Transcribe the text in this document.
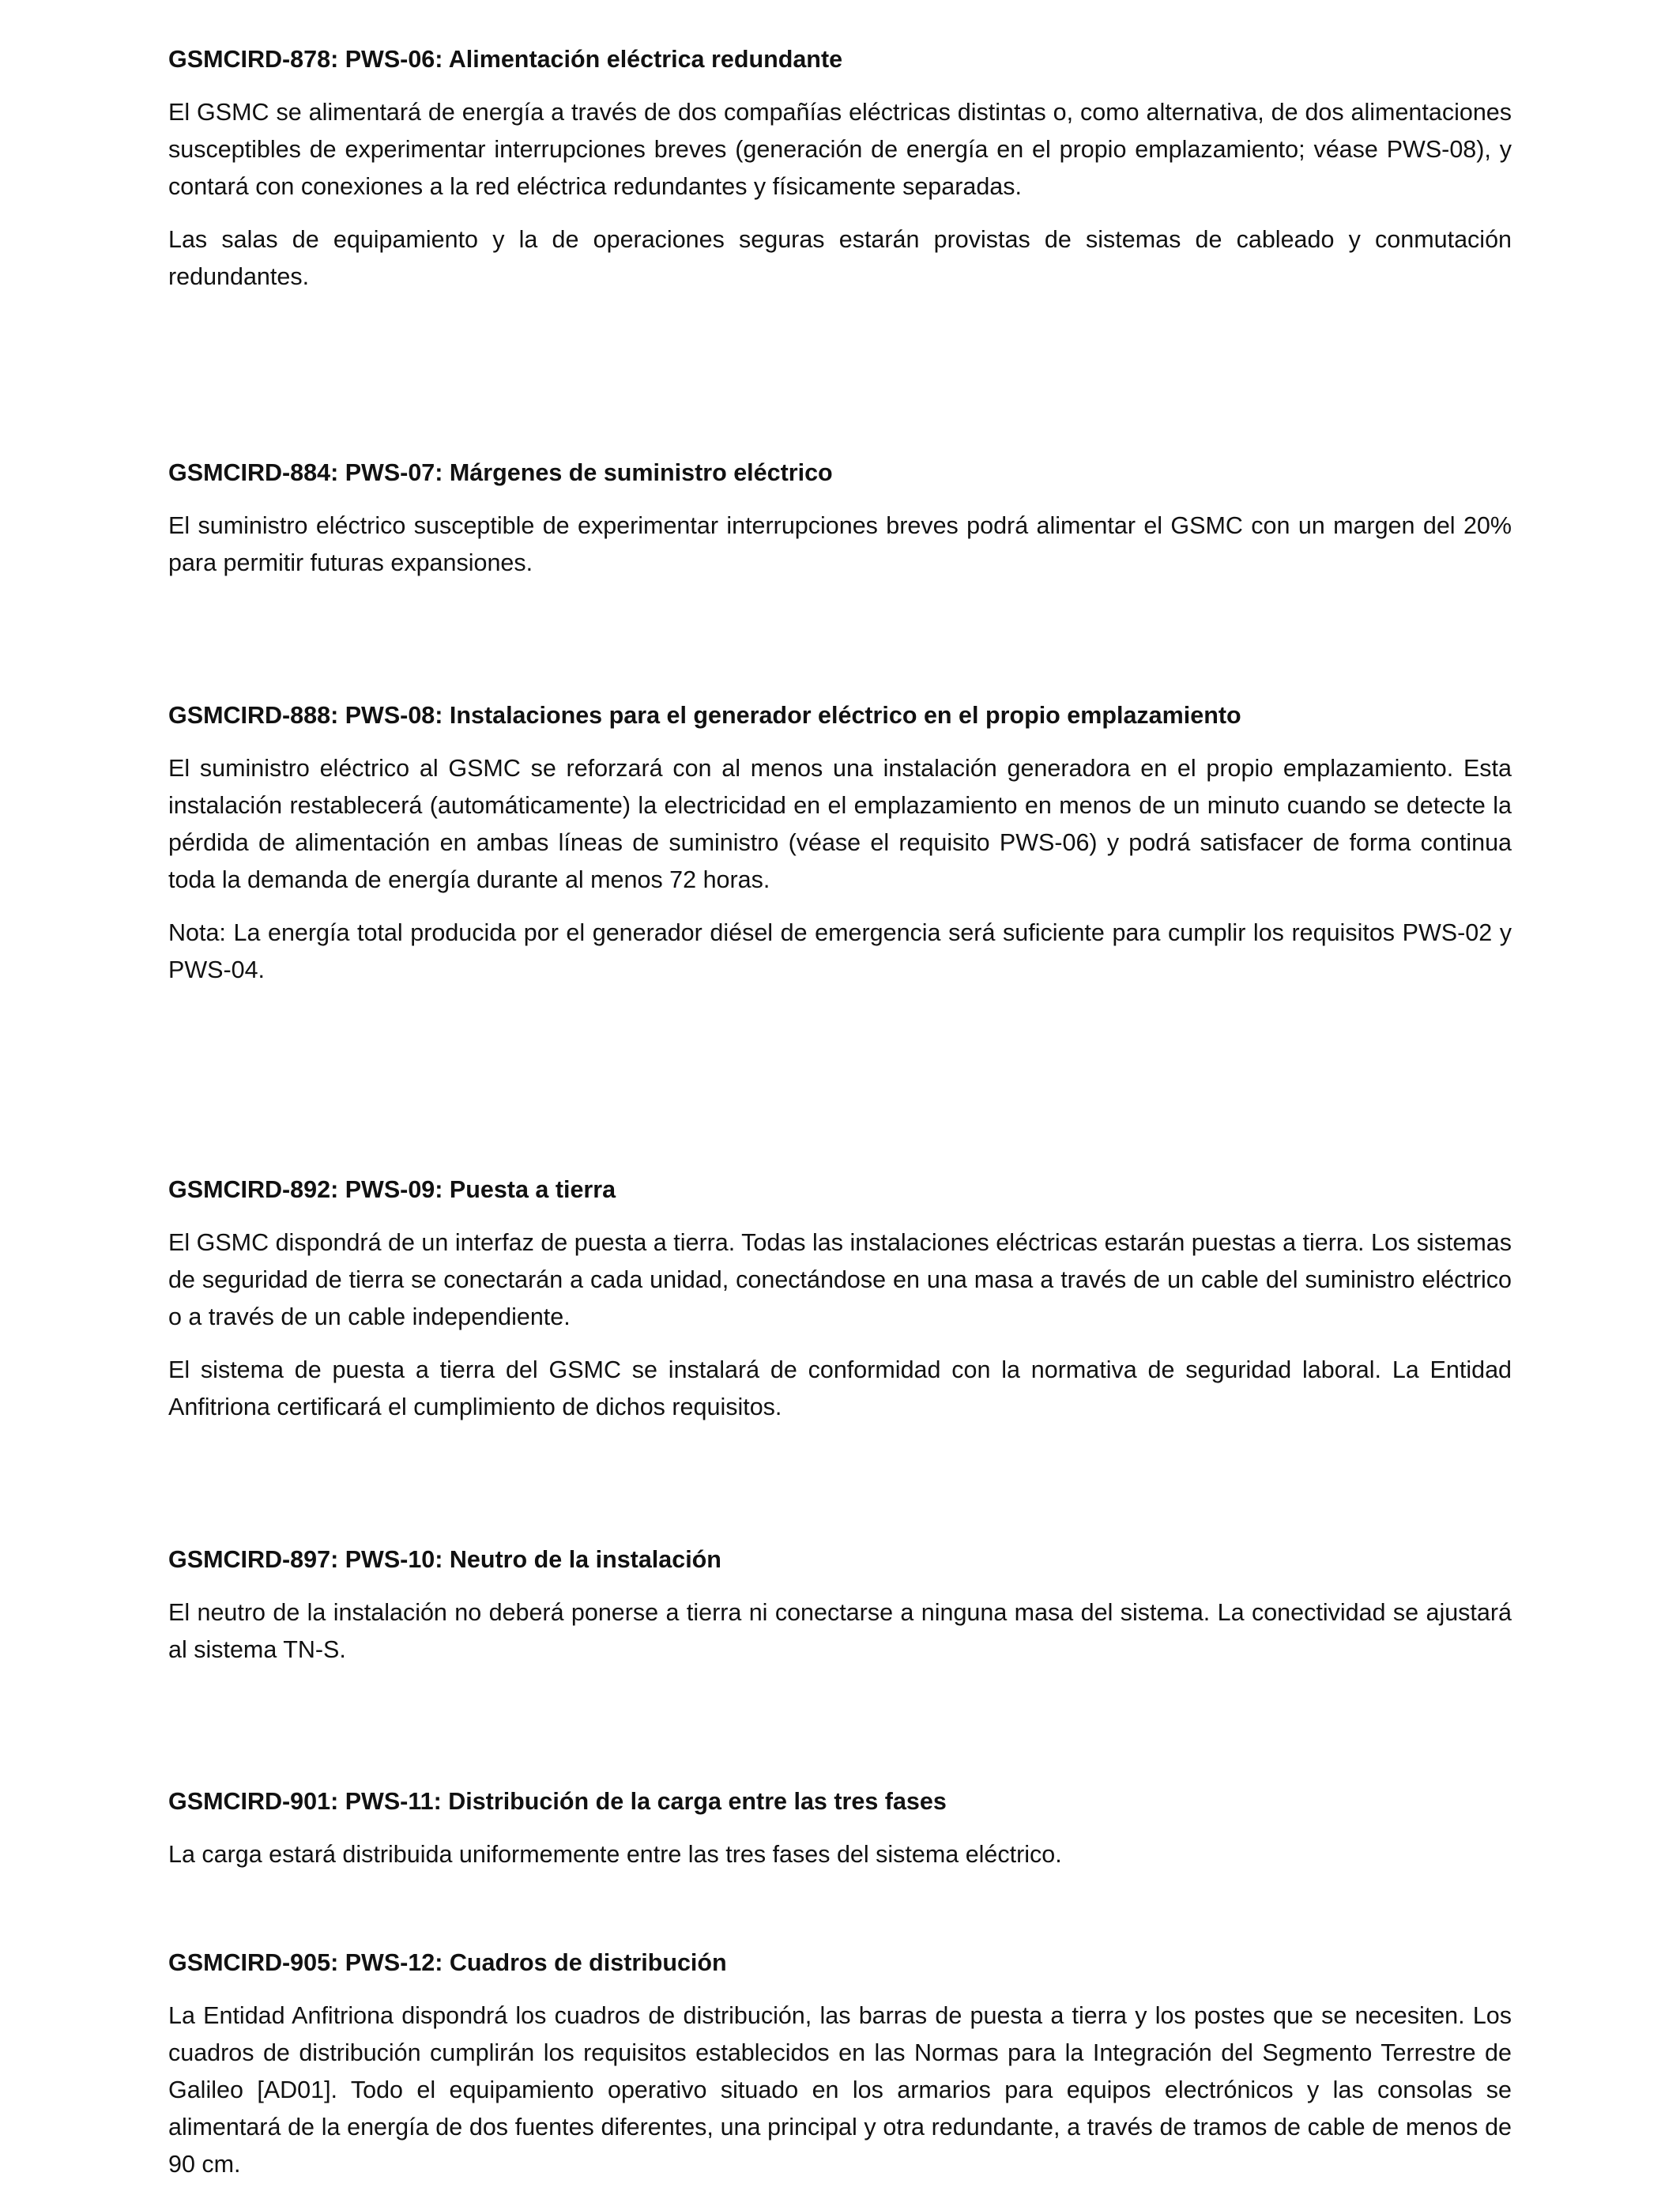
GSMCIRD-878: PWS-06: Alimentación eléctrica redundante

El GSMC se alimentará de energía a través de dos compañías eléctricas distintas o, como alternativa, de dos alimentaciones susceptibles de experimentar interrupciones breves (generación de energía en el propio emplazamiento; véase PWS-08), y contará con conexiones a la red eléctrica redundantes y físicamente separadas.

Las salas de equipamiento y la de operaciones seguras estarán provistas de sistemas de cableado y conmutación redundantes.

GSMCIRD-884: PWS-07: Márgenes de suministro eléctrico

El suministro eléctrico susceptible de experimentar interrupciones breves podrá alimentar el GSMC con un margen del 20% para permitir futuras expansiones.

GSMCIRD-888: PWS-08: Instalaciones para el generador eléctrico en el propio emplazamiento

El suministro eléctrico al GSMC se reforzará con al menos una instalación generadora en el propio emplazamiento. Esta instalación restablecerá (automáticamente) la electricidad en el emplazamiento en menos de un minuto cuando se detecte la pérdida de alimentación en ambas líneas de suministro (véase el requisito PWS-06) y podrá satisfacer de forma continua toda la demanda de energía durante al menos 72 horas.

Nota: La energía total producida por el generador diésel de emergencia será suficiente para cumplir los requisitos PWS-02 y PWS-04.

GSMCIRD-892: PWS-09: Puesta a tierra

El GSMC dispondrá de un interfaz de puesta a tierra. Todas las instalaciones eléctricas estarán puestas a tierra. Los sistemas de seguridad de tierra se conectarán a cada unidad, conectándose en una masa a través de un cable del suministro eléctrico o a través de un cable independiente.

El sistema de puesta a tierra del GSMC se instalará de conformidad con la normativa de seguridad laboral. La Entidad Anfitriona certificará el cumplimiento de dichos requisitos.

GSMCIRD-897: PWS-10: Neutro de la instalación

El neutro de la instalación no deberá ponerse a tierra ni conectarse a ninguna masa del sistema. La conectividad se ajustará al sistema TN-S.

GSMCIRD-901: PWS-11: Distribución de la carga entre las tres fases

La carga estará distribuida uniformemente entre las tres fases del sistema eléctrico.

GSMCIRD-905: PWS-12: Cuadros de distribución

La Entidad Anfitriona dispondrá los cuadros de distribución, las barras de puesta a tierra y los postes que se necesiten. Los cuadros de distribución cumplirán los requisitos establecidos en las Normas para la Integración del Segmento Terrestre de Galileo [AD01]. Todo el equipamiento operativo situado en los armarios para equipos electrónicos y las consolas se alimentará de la energía de dos fuentes diferentes, una principal y otra redundante, a través de tramos de cable de menos de 90 cm.
